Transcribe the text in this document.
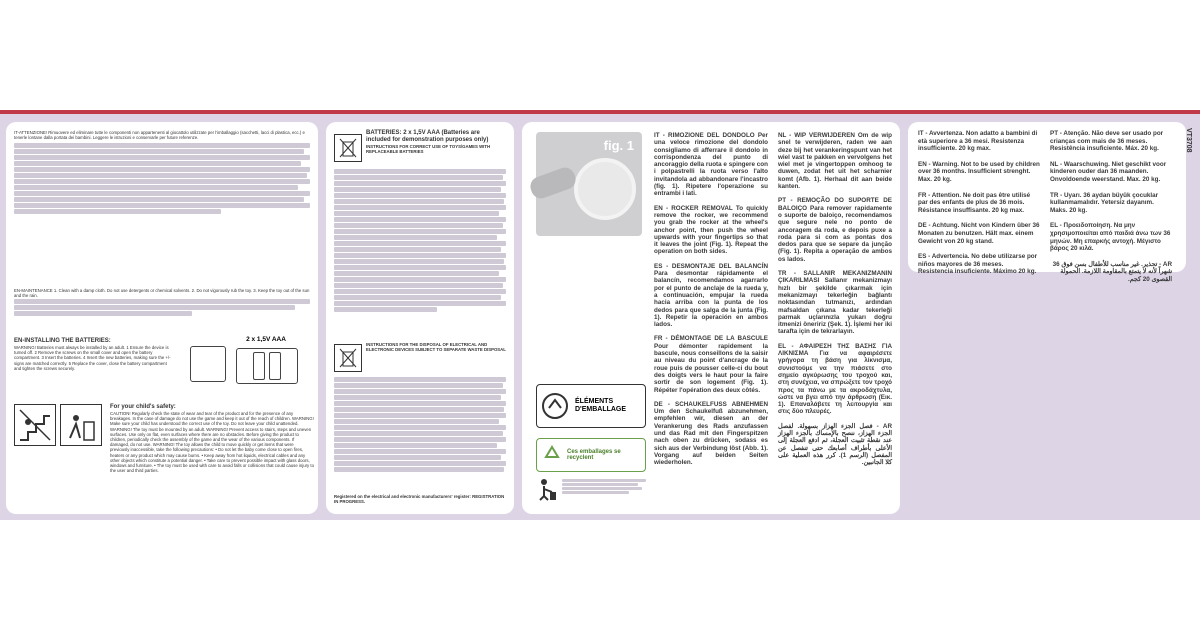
IT-ATTENZIONE! Rimuovere ed eliminare tutte le componenti non appartenenti al giocattolo utilizzate per l'imballaggio (sacchetti, lacci di plastica, ecc.) e tenerle lontane dalla portata dei bambini. Leggere le istruzioni e conservarle per future referenze.
EN-MAINTENANCE 1. Clean with a damp cloth. Do not use detergents or chemical solvents. 2. Do not vigorously rub the toy. 3. Keep the toy out of the sun and the rain.
EN-INSTALLING THE BATTERIES:
WARNING! Batteries must always be installed by an adult. 1 Ensure the device is turned off. 2 Remove the screws on the small cover and open the battery compartment. 3 Insert the batteries. 4 Insert the new batteries, making sure the +/- signs are matched correctly. 5 Replace the cover, close the battery compartment and tighten the screws securely.
2 x 1,5V AAA
For your child's safety:
CAUTION! Regularly check the state of wear and tear of the product and for the presence of any breakages. In the case of damage do not use the game and keep it out of the reach of children. WARNING! Make sure your child has understood the correct use of the toy. Do not leave your child unattended. WARNING! The toy must be mounted by an adult. WARNING! Prevent access to stairs, steps and uneven surfaces. Use only on flat, even surfaces where there are no obstacles. Before giving the product to children, periodically check the assembly of the game and the wear of the various components. If damaged, do not use. WARNING! The toy allows the child to move quickly or get items that were previously inaccessible, take the following precautions: • Do not let the baby come close to open fires, heaters or any product which may cause burns. • Keep away from hot liquids, electrical cables and any other objects which constitute a potential danger. • Take care to prevent possible impact with glass doors, windows and furniture. • The toy must be used with care to avoid falls or collisions that could cause injury to the user and third parties.
BATTERIES: 2 x 1,5V AAA (Batteries are included for demonstration purposes only)
INSTRUCTIONS FOR CORRECT USE OF TOYS/GAMES WITH REPLACEABLE BATTERIES
INSTRUCTIONS FOR THE DISPOSAL OF ELECTRICAL AND ELECTRONIC DEVICES SUBJECT TO SEPARATE WASTE DISPOSAL
Registered on the electrical and electronic manufacturers' register: REGISTRATION IN PROGRESS.
fig. 1
ÉLÉMENTS D'EMBALLAGE
Ces emballages se recyclent
IT - RIMOZIONE DEL DONDOLO Per una veloce rimozione del dondolo consigliamo di afferrare il dondolo in corrispondenza del punto di ancoraggio della ruota e spingere con i polpastrelli la ruota verso l'alto invitandola ad abbandonare l'incastro (fig. 1). Ripetere l'operazione su entrambi i lati.
EN - ROCKER REMOVAL To quickly remove the rocker, we recommend you grab the rocker at the wheel's anchor point, then push the wheel upwards with your fingertips so that it leaves the joint (Fig. 1). Repeat the operation on both sides.
ES - DESMONTAJE DEL BALANCÍN Para desmontar rápidamente el balancín, recomendamos agarrarlo por el punto de anclaje de la rueda y, a continuación, empujar la rueda hacia arriba con la punta de los dedos para que salga de la junta (Fig. 1). Repetir la operación en ambos lados.
FR - DÉMONTAGE DE LA BASCULE Pour démonter rapidement la bascule, nous conseillons de la saisir au niveau du point d'ancrage de la roue puis de pousser celle-ci du bout des doigts vers le haut pour la faire sortir de son logement (Fig. 1). Répéter l'opération des deux côtés.
DE - SCHAUKELFUSS ABNEHMEN Um den Schaukelfuß abzunehmen, empfehlen wir, diesen an der Verankerung des Rads anzufassen und das Rad mit den Fingerspitzen nach oben zu drücken, sodass es sich aus der Verbindung löst (Abb. 1). Vorgang auf beiden Seiten wiederholen.
NL - WIP VERWIJDEREN Om de wip snel te verwijderen, raden we aan deze bij het verankeringspunt van het wiel vast te pakken en vervolgens het wiel met je vingertoppen omhoog te duwen, zodat het uit het scharnier komt (Afb. 1). Herhaal dit aan beide kanten.
PT - REMOÇÃO DO SUPORTE DE BALOIÇO Para remover rapidamente o suporte de baloiço, recomendamos que segure nele no ponto de ancoragem da roda, e depois puxe a roda para si com as pontas dos dedos para que se separe da junção (Fig. 1). Repita a operação de ambos os lados.
TR - SALLANIR MEKANIZMANIN ÇIKARILMASI Sallanır mekanizmayı hızlı bir şekilde çıkarmak için mekanizmayı tekerleğin bağlantı noktasından tutmanızı, ardından mafsaldan çıkana kadar tekerleği parmak uçlarınızla yukarı doğru itmenizi öneririz (Şek. 1). İşlemi her iki tarafta için de tekrarlayın.
EL - ΑΦΑΙΡΕΣΗ ΤΗΣ ΒΑΣΗΣ ΓΙΑ ΛΙΚΝΙΣΜΑ Για να αφαιρέσετε γρήγορα τη βάση για λίκνισμα, συνιστούμε να την πιάσετε στο σημείο αγκύρωσης του τροχού και, στη συνέχεια, να σπρώξετε τον τροχό προς τα πάνω με τα ακροδάχτυλα, ώστε να βγει από την άρθρωση (Εικ. 1). Επαναλάβετε τη λειτουργία και στις δύο πλευρές.
AR - فصل الجزء الهزاز بسهولة. لفصل الجزء الهزاز، ننصح بالإمساك بالجزء الهزاز عند نقطة تثبيت العجلة، ثم ادفع العجلة إلى الأعلى بأطراف أصابعك حتى تنفصل عن المفصل (الرسم 1). كرر هذه العملية على كلا الجانبين.
IT - Avvertenza. Non adatto a bambini di età superiore a 36 mesi. Resistenza insufficiente. 20 kg max.
EN - Warning. Not to be used by children over 36 months. Insufficient strenght. Max. 20 kg.
FR - Attention. Ne doit pas être utilisé par des enfants de plus de 36 mois. Résistance insuffisante. 20 kg max.
DE - Achtung. Nicht von Kindern über 36 Monaten zu benutzen. Hält max. einem Gewicht von 20 kg stand.
ES - Advertencia. No debe utilizarse por niños mayores de 36 meses. Resistencia insuficiente. Máximo 20 kg.
PT - Atenção. Não deve ser usado por crianças com mais de 36 meses. Resistência insuficiente. Máx. 20 kg.
NL - Waarschuwing. Niet geschikt voor kinderen ouder dan 36 maanden. Onvoldoende weerstand. Max. 20 kg.
TR - Uyarı. 36 aydan büyük çocuklar kullanmamalıdır. Yetersiz dayanım. Maks. 20 kg.
EL - Προειδοποίηση. Να μην χρησιμοποιείται από παιδιά άνω των 36 μηνών. Μη επαρκής αντοχή. Μέγιστο βάρος 20 κιλά.
AR - تحذير. غير مناسب للأطفال بسن فوق 36 شهراً لأنه لا يتمتع بالمقاومة اللازمة. الحمولة القصوى 20 كجم.
VT3708
